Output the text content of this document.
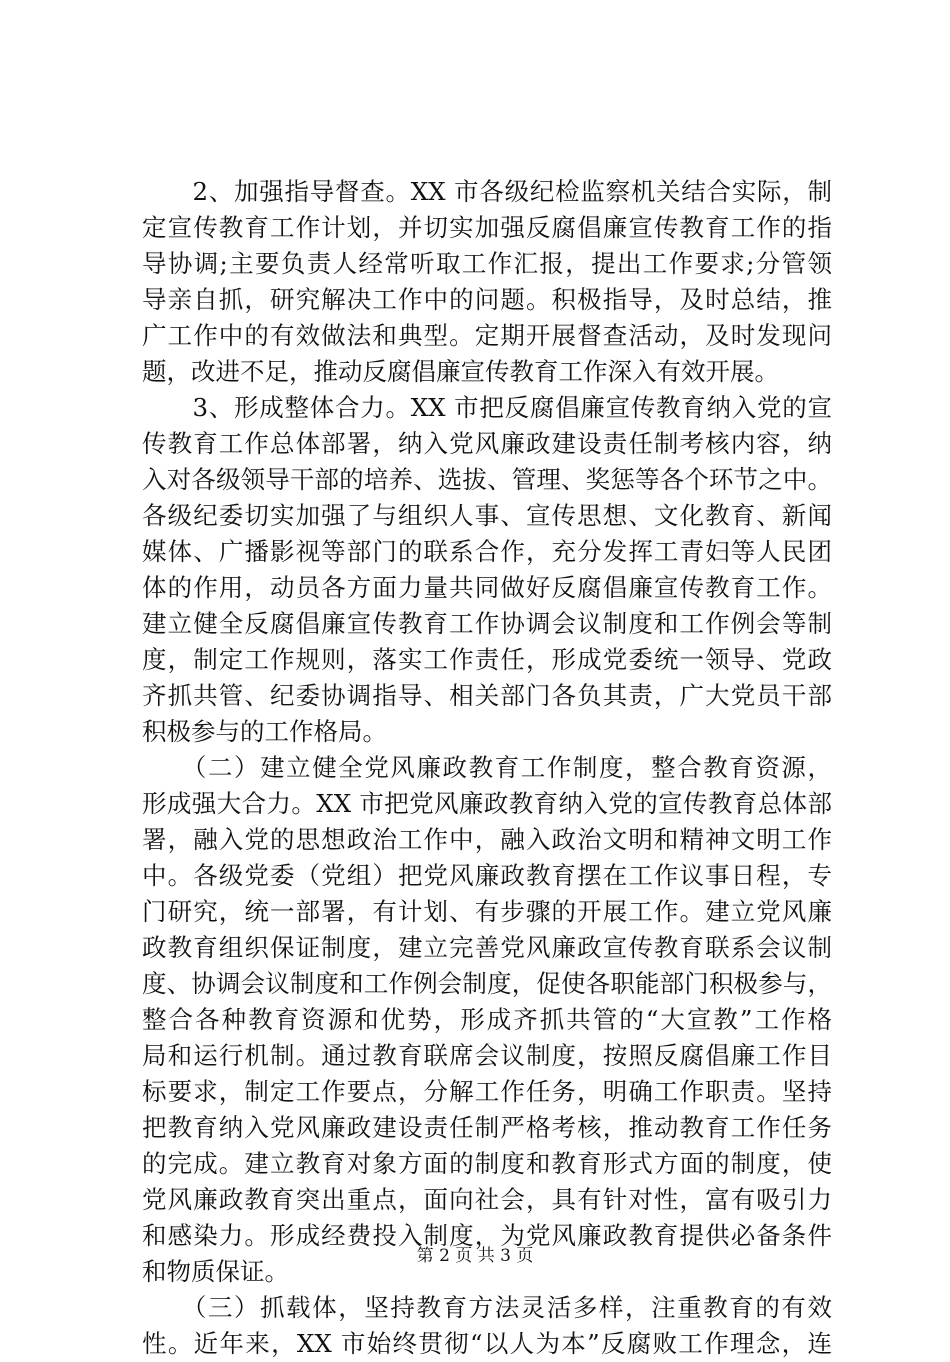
　　2、加强指导督查。XX 市各级纪检监察机关结合实际，制
定宣传教育工作计划，并切实加强反腐倡廉宣传教育工作的指
导协调;主要负责人经常听取工作汇报，提出工作要求;分管领
导亲自抓，研究解决工作中的问题。积极指导，及时总结，推
广工作中的有效做法和典型。定期开展督查活动，及时发现问
题，改进不足，推动反腐倡廉宣传教育工作深入有效开展。
　　3、形成整体合力。XX 市把反腐倡廉宣传教育纳入党的宣
传教育工作总体部署，纳入党风廉政建设责任制考核内容，纳
入对各级领导干部的培养、选拔、管理、奖惩等各个环节之中。
各级纪委切实加强了与组织人事、宣传思想、文化教育、新闻
媒体、广播影视等部门的联系合作，充分发挥工青妇等人民团
体的作用，动员各方面力量共同做好反腐倡廉宣传教育工作。
建立健全反腐倡廉宣传教育工作协调会议制度和工作例会等制
度，制定工作规则，落实工作责任，形成党委统一领导、党政
齐抓共管、纪委协调指导、相关部门各负其责，广大党员干部
积极参与的工作格局。
　　（二）建立健全党风廉政教育工作制度，整合教育资源，
形成强大合力。XX 市把党风廉政教育纳入党的宣传教育总体部
署，融入党的思想政治工作中，融入政治文明和精神文明工作
中。各级党委（党组）把党风廉政教育摆在工作议事日程，专
门研究，统一部署，有计划、有步骤的开展工作。建立党风廉
政教育组织保证制度，建立完善党风廉政宣传教育联系会议制
度、协调会议制度和工作例会制度，促使各职能部门积极参与，
整合各种教育资源和优势，形成齐抓共管的“大宣教”工作格
局和运行机制。通过教育联席会议制度，按照反腐倡廉工作目
标要求，制定工作要点，分解工作任务，明确工作职责。坚持
把教育纳入党风廉政建设责任制严格考核，推动教育工作任务
的完成。建立教育对象方面的制度和教育形式方面的制度，使
党风廉政教育突出重点，面向社会，具有针对性，富有吸引力
和感染力。形成经费投入制度，为党风廉政教育提供必备条件
和物质保证。
　　（三）抓载体，坚持教育方法灵活多样，注重教育的有效
性。近年来，XX 市始终贯彻“以人为本”反腐败工作理念，连
第 2 页 共 3 页
